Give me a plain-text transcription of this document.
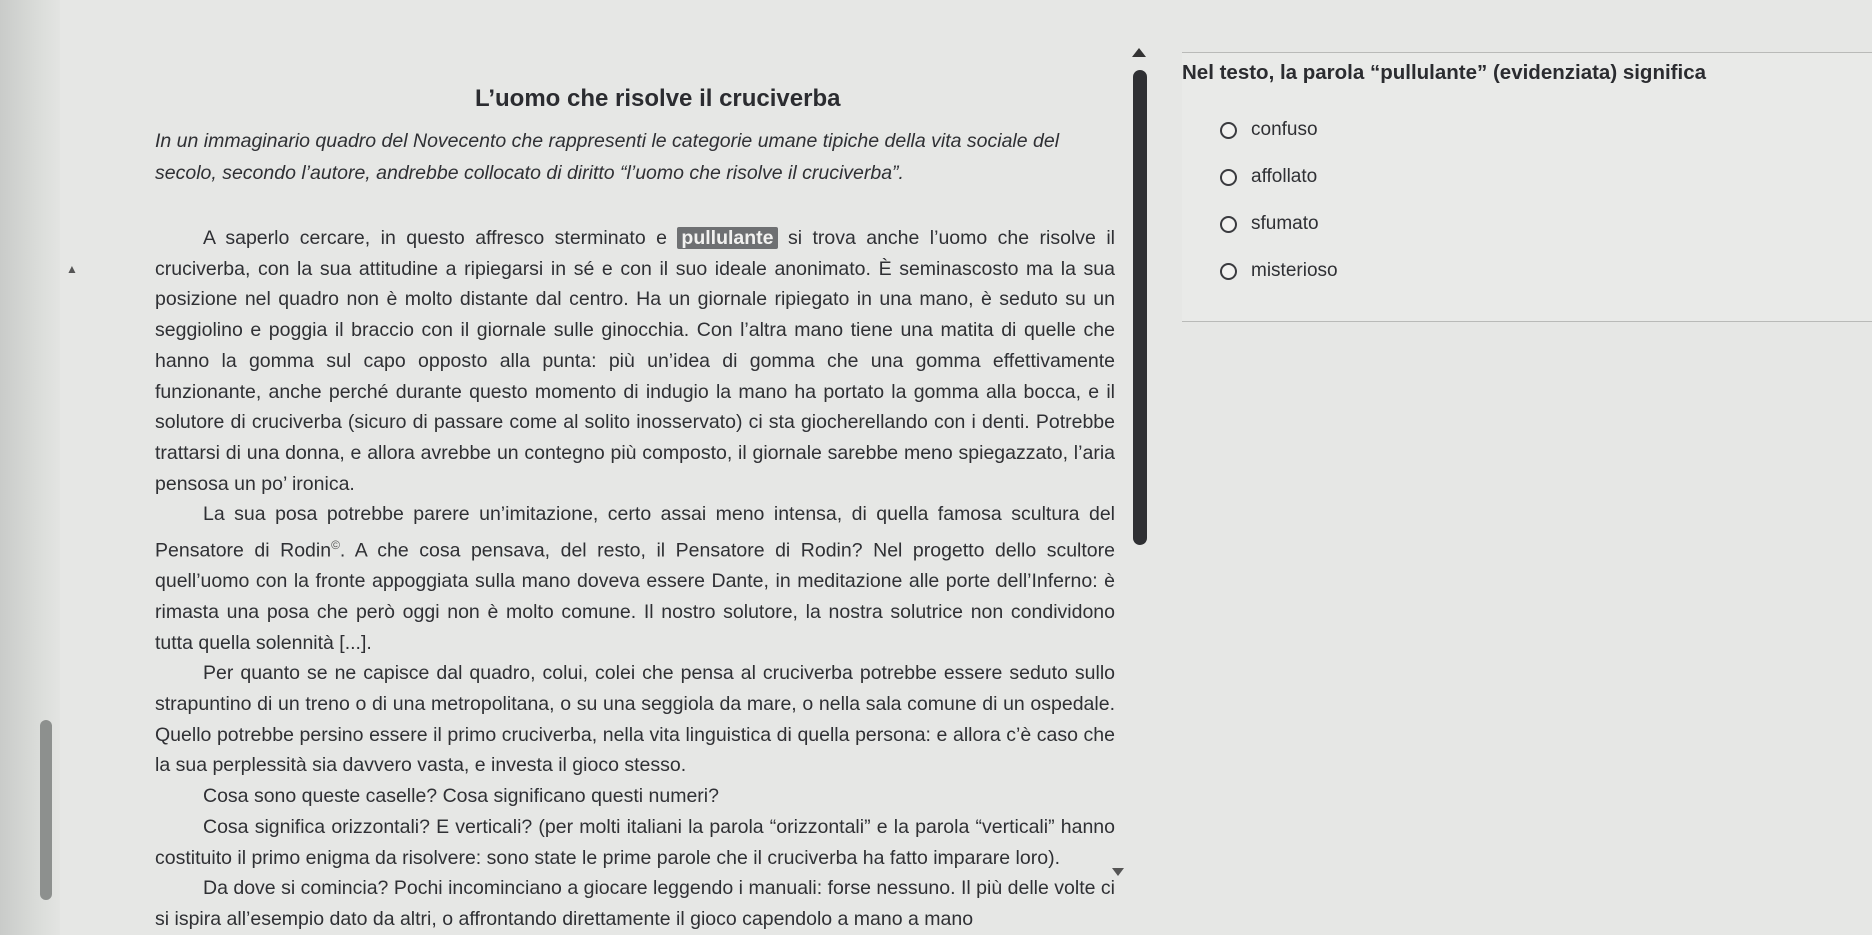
▲
L’uomo che risolve il cruciverba
In un immaginario quadro del Novecento che rappresenti le categorie umane tipiche della vita sociale del secolo, secondo l’autore, andrebbe collocato di diritto “l’uomo che risolve il cruciverba”.

A saperlo cercare, in questo affresco sterminato e pullulante si trova anche l’uomo che risolve il cruciverba, con la sua attitudine a ripiegarsi in sé e con il suo ideale anonimato. È seminascosto ma la sua posizione nel quadro non è molto distante dal centro. Ha un giornale ripiegato in una mano, è seduto su un seggiolino e poggia il braccio con il giornale sulle ginocchia. Con l’altra mano tiene una matita di quelle che hanno la gomma sul capo opposto alla punta: più un’idea di gomma che una gomma effettivamente funzionante, anche perché durante questo momento di indugio la mano ha portato la gomma alla bocca, e il solutore di cruciverba (sicuro di passare come al solito inosservato) ci sta giocherellando con i denti. Potrebbe trattarsi di una donna, e allora avrebbe un contegno più composto, il giornale sarebbe meno spiegazzato, l’aria pensosa un po’ ironica.

La sua posa potrebbe parere un’imitazione, certo assai meno intensa, di quella famosa scultura del Pensatore di Rodin©. A che cosa pensava, del resto, il Pensatore di Rodin? Nel progetto dello scultore quell’uomo con la fronte appoggiata sulla mano doveva essere Dante, in meditazione alle porte dell’Inferno: è rimasta una posa che però oggi non è molto comune. Il nostro solutore, la nostra solutrice non condividono tutta quella solennità [...].

Per quanto se ne capisce dal quadro, colui, colei che pensa al cruciverba potrebbe essere seduto sullo strapuntino di un treno o di una metropolitana, o su una seggiola da mare, o nella sala comune di un ospedale. Quello potrebbe persino essere il primo cruciverba, nella vita linguistica di quella persona: e allora c’è caso che la sua perplessità sia davvero vasta, e investa il gioco stesso.

Cosa sono queste caselle? Cosa significano questi numeri?

Cosa significa orizzontali? E verticali? (per molti italiani la parola “orizzontali” e la parola “verticali” hanno costituito il primo enigma da risolvere: sono state le prime parole che il cruciverba ha fatto imparare loro).

Da dove si comincia? Pochi incominciano a giocare leggendo i manuali: forse nessuno. Il più delle volte ci si ispira all’esempio dato da altri, o affrontando direttamente il gioco capendolo a mano a mano

Nel testo, la parola “pullulante” (evidenziata) significa
confuso
affollato
sfumato
misterioso
